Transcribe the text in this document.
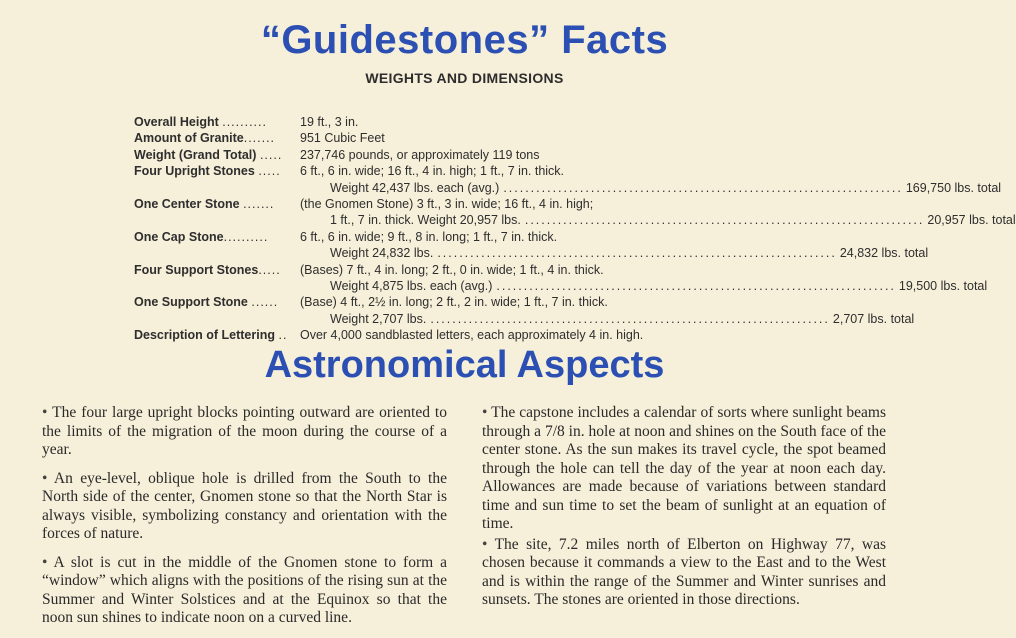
“Guidestones” Facts
WEIGHTS AND DIMENSIONS
Overall Height ..........	19 ft., 3 in.
Amount of Granite.......	951 Cubic Feet
Weight (Grand Total) .....	237,746 pounds, or approximately 119 tons
Four Upright Stones .....	6 ft., 6 in. wide; 16 ft., 4 in. high; 1 ft., 7 in. thick.
Weight 42,437 lbs. each (avg.) ......................................................................... 169,750 lbs. total
One Center Stone .......	(the Gnomen Stone) 3 ft., 3 in. wide; 16 ft., 4 in. high;
1 ft., 7 in. thick. Weight 20,957 lbs. ......................................................................... 20,957 lbs. total
One Cap Stone..........	6 ft., 6 in. wide; 9 ft., 8 in. long; 1 ft., 7 in. thick.
Weight 24,832 lbs. ......................................................................... 24,832 lbs. total
Four Support Stones.....	(Bases) 7 ft., 4 in. long; 2 ft., 0 in. wide; 1 ft., 4 in. thick.
Weight 4,875 lbs. each (avg.) ......................................................................... 19,500 lbs. total
One Support Stone ......	(Base) 4 ft., 2½ in. long; 2 ft., 2 in. wide; 1 ft., 7 in. thick.
Weight 2,707 lbs. ......................................................................... 2,707 lbs. total
Description of Lettering ..	Over 4,000 sandblasted letters, each approximately 4 in. high.
Astronomical Aspects

• The four large upright blocks pointing outward are oriented to the limits of the migration of the moon during the course of a year.

• An eye-level, oblique hole is drilled from the South to the North side of the center, Gnomen stone so that the North Star is always visible, symbolizing constancy and orientation with the forces of nature.

• A slot is cut in the middle of the Gnomen stone to form a “window” which aligns with the positions of the rising sun at the Summer and Winter Solstices and at the Equinox so that the noon sun shines to indicate noon on a curved line.

• The capstone includes a calendar of sorts where sunlight beams through a 7/8 in. hole at noon and shines on the South face of the center stone. As the sun makes its travel cycle, the spot beamed through the hole can tell the day of the year at noon each day. Allowances are made because of variations between standard time and sun time to set the beam of sunlight at an equation of time.

• The site, 7.2 miles north of Elberton on Highway 77, was chosen because it commands a view to the East and to the West and is within the range of the Summer and Winter sunrises and sunsets. The stones are oriented in those directions.
